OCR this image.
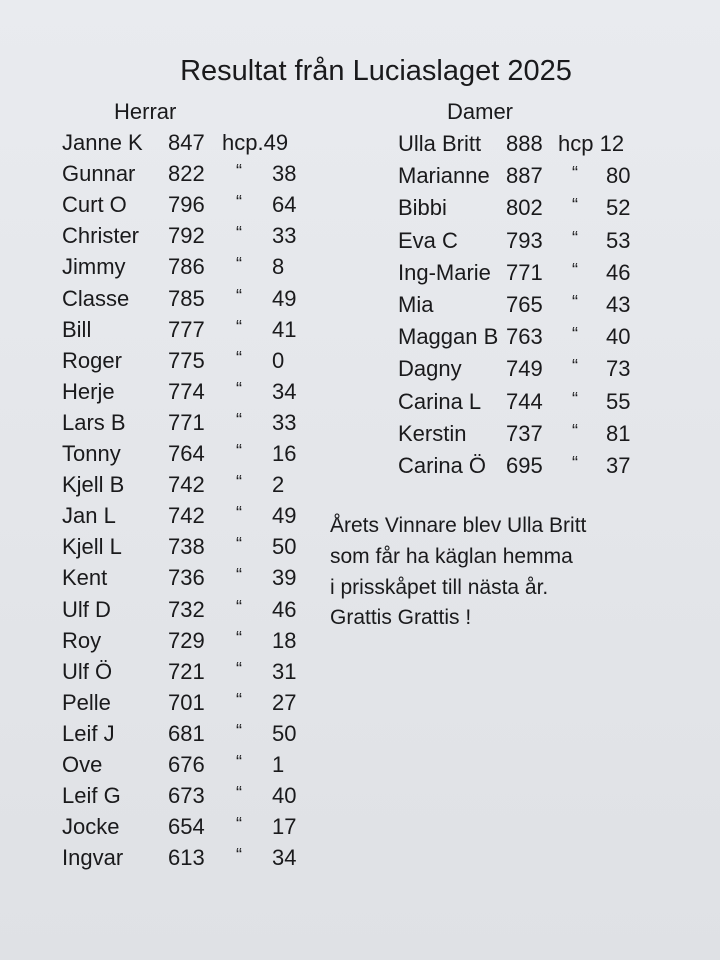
Resultat från Luciaslaget 2025
Herrar	Damer
Janne K 847 hcp.49
Gunnar 822 “ 38
Curt O 796 “ 64
Christer 792 “ 33
Jimmy 786 “ 8
Classe 785 “ 49
Bill	777 “ 41
Roger 775 “ 0
Herje 774 “ 34
Lars B 771 “ 33
Tonny 764 “ 16
Kjell B 742 “ 2
Jan L 742 “ 49
Kjell L 738 “ 50
Kent	736 “ 39
Ulf D	732 “ 46
Roy	729 “ 18
Ulf Ö	721 “ 31
Pelle	701 “ 27
Leif J 681 “ 50
Ove	676 “ 1
Leif G 673 “ 40
Jocke 654 “ 17
Ingvar 613 “ 34
Ulla Britt 888 hcp 12
Marianne 887 “ 80
Bibbi	802 “ 52
Eva C 793 “ 53
Ing-Marie 771 “ 46
Mia	765 “ 43
Maggan B 763 “ 40
Dagny 749 “ 73
Carina L 744 “ 55
Kerstin 737 “ 81
Carina Ö 695 “ 37
Årets Vinnare blev Ulla Britt
som får ha käglan hemma
i prisskåpet till nästa år.
Grattis Grattis !
